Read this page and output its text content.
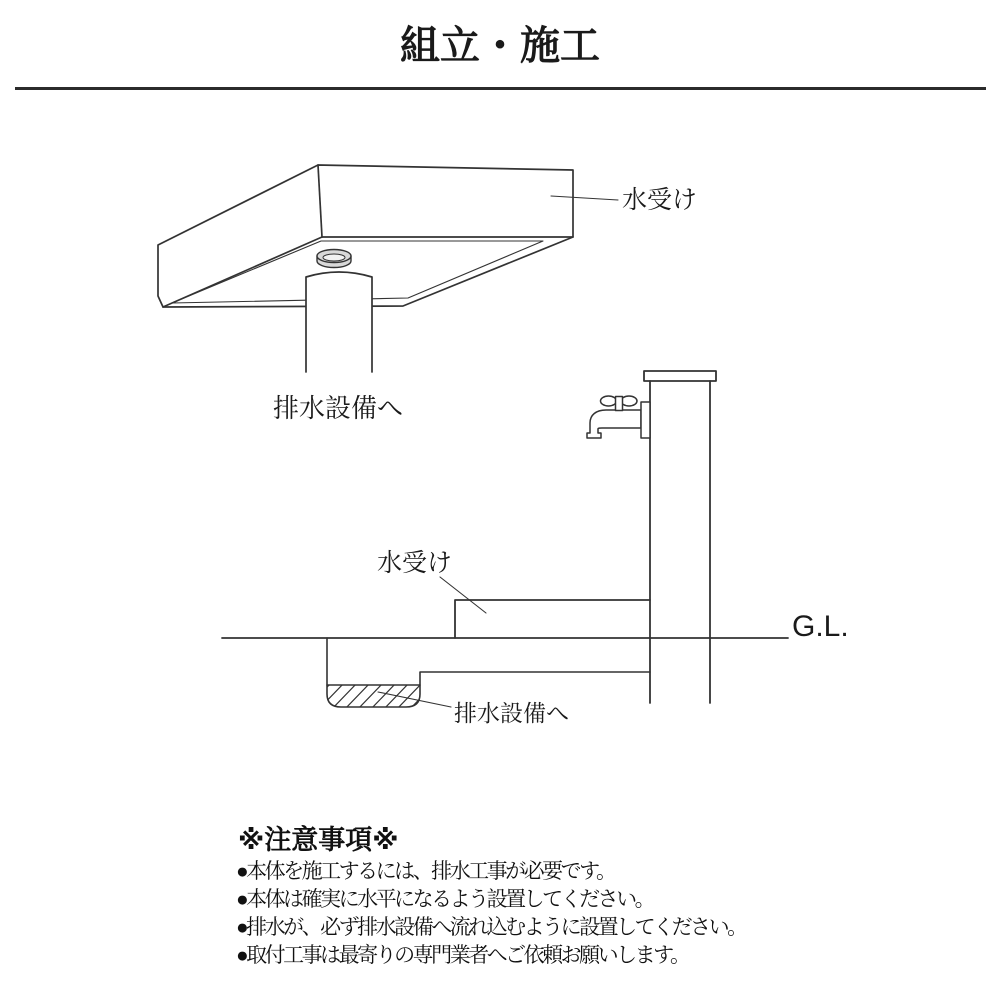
組立・施工
水受け
排水設備へ
G.L.
水受け
排水設備へ
※注意事項※
●本体を施工するには、排水工事が必要です。
●本体は確実に水平になるよう設置してください。
●排水が、必ず排水設備へ流れ込むように設置してください。
●取付工事は最寄りの専門業者へご依頼お願いします。
